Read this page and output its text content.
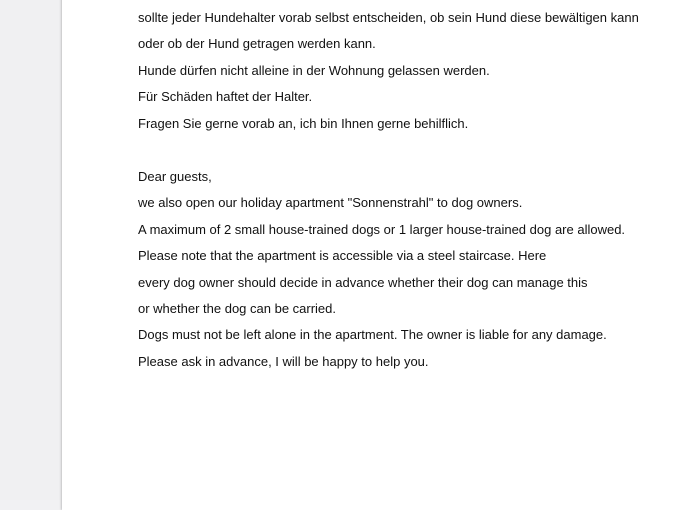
sollte jeder Hundehalter vorab selbst entscheiden, ob sein Hund diese bewältigen kann
oder ob der Hund getragen werden kann.
Hunde dürfen nicht alleine in der Wohnung gelassen werden.
Für Schäden haftet der Halter.
Fragen Sie gerne vorab an, ich bin Ihnen gerne behilflich.
Dear guests,
we also open our holiday apartment "Sonnenstrahl" to dog owners.
A maximum of 2 small house-trained dogs or 1 larger house-trained dog are allowed.
Please note that the apartment is accessible via a steel staircase. Here
every dog owner should decide in advance whether their dog can manage this
or whether the dog can be carried.
Dogs must not be left alone in the apartment. The owner is liable for any damage.
Please ask in advance, I will be happy to help you.
